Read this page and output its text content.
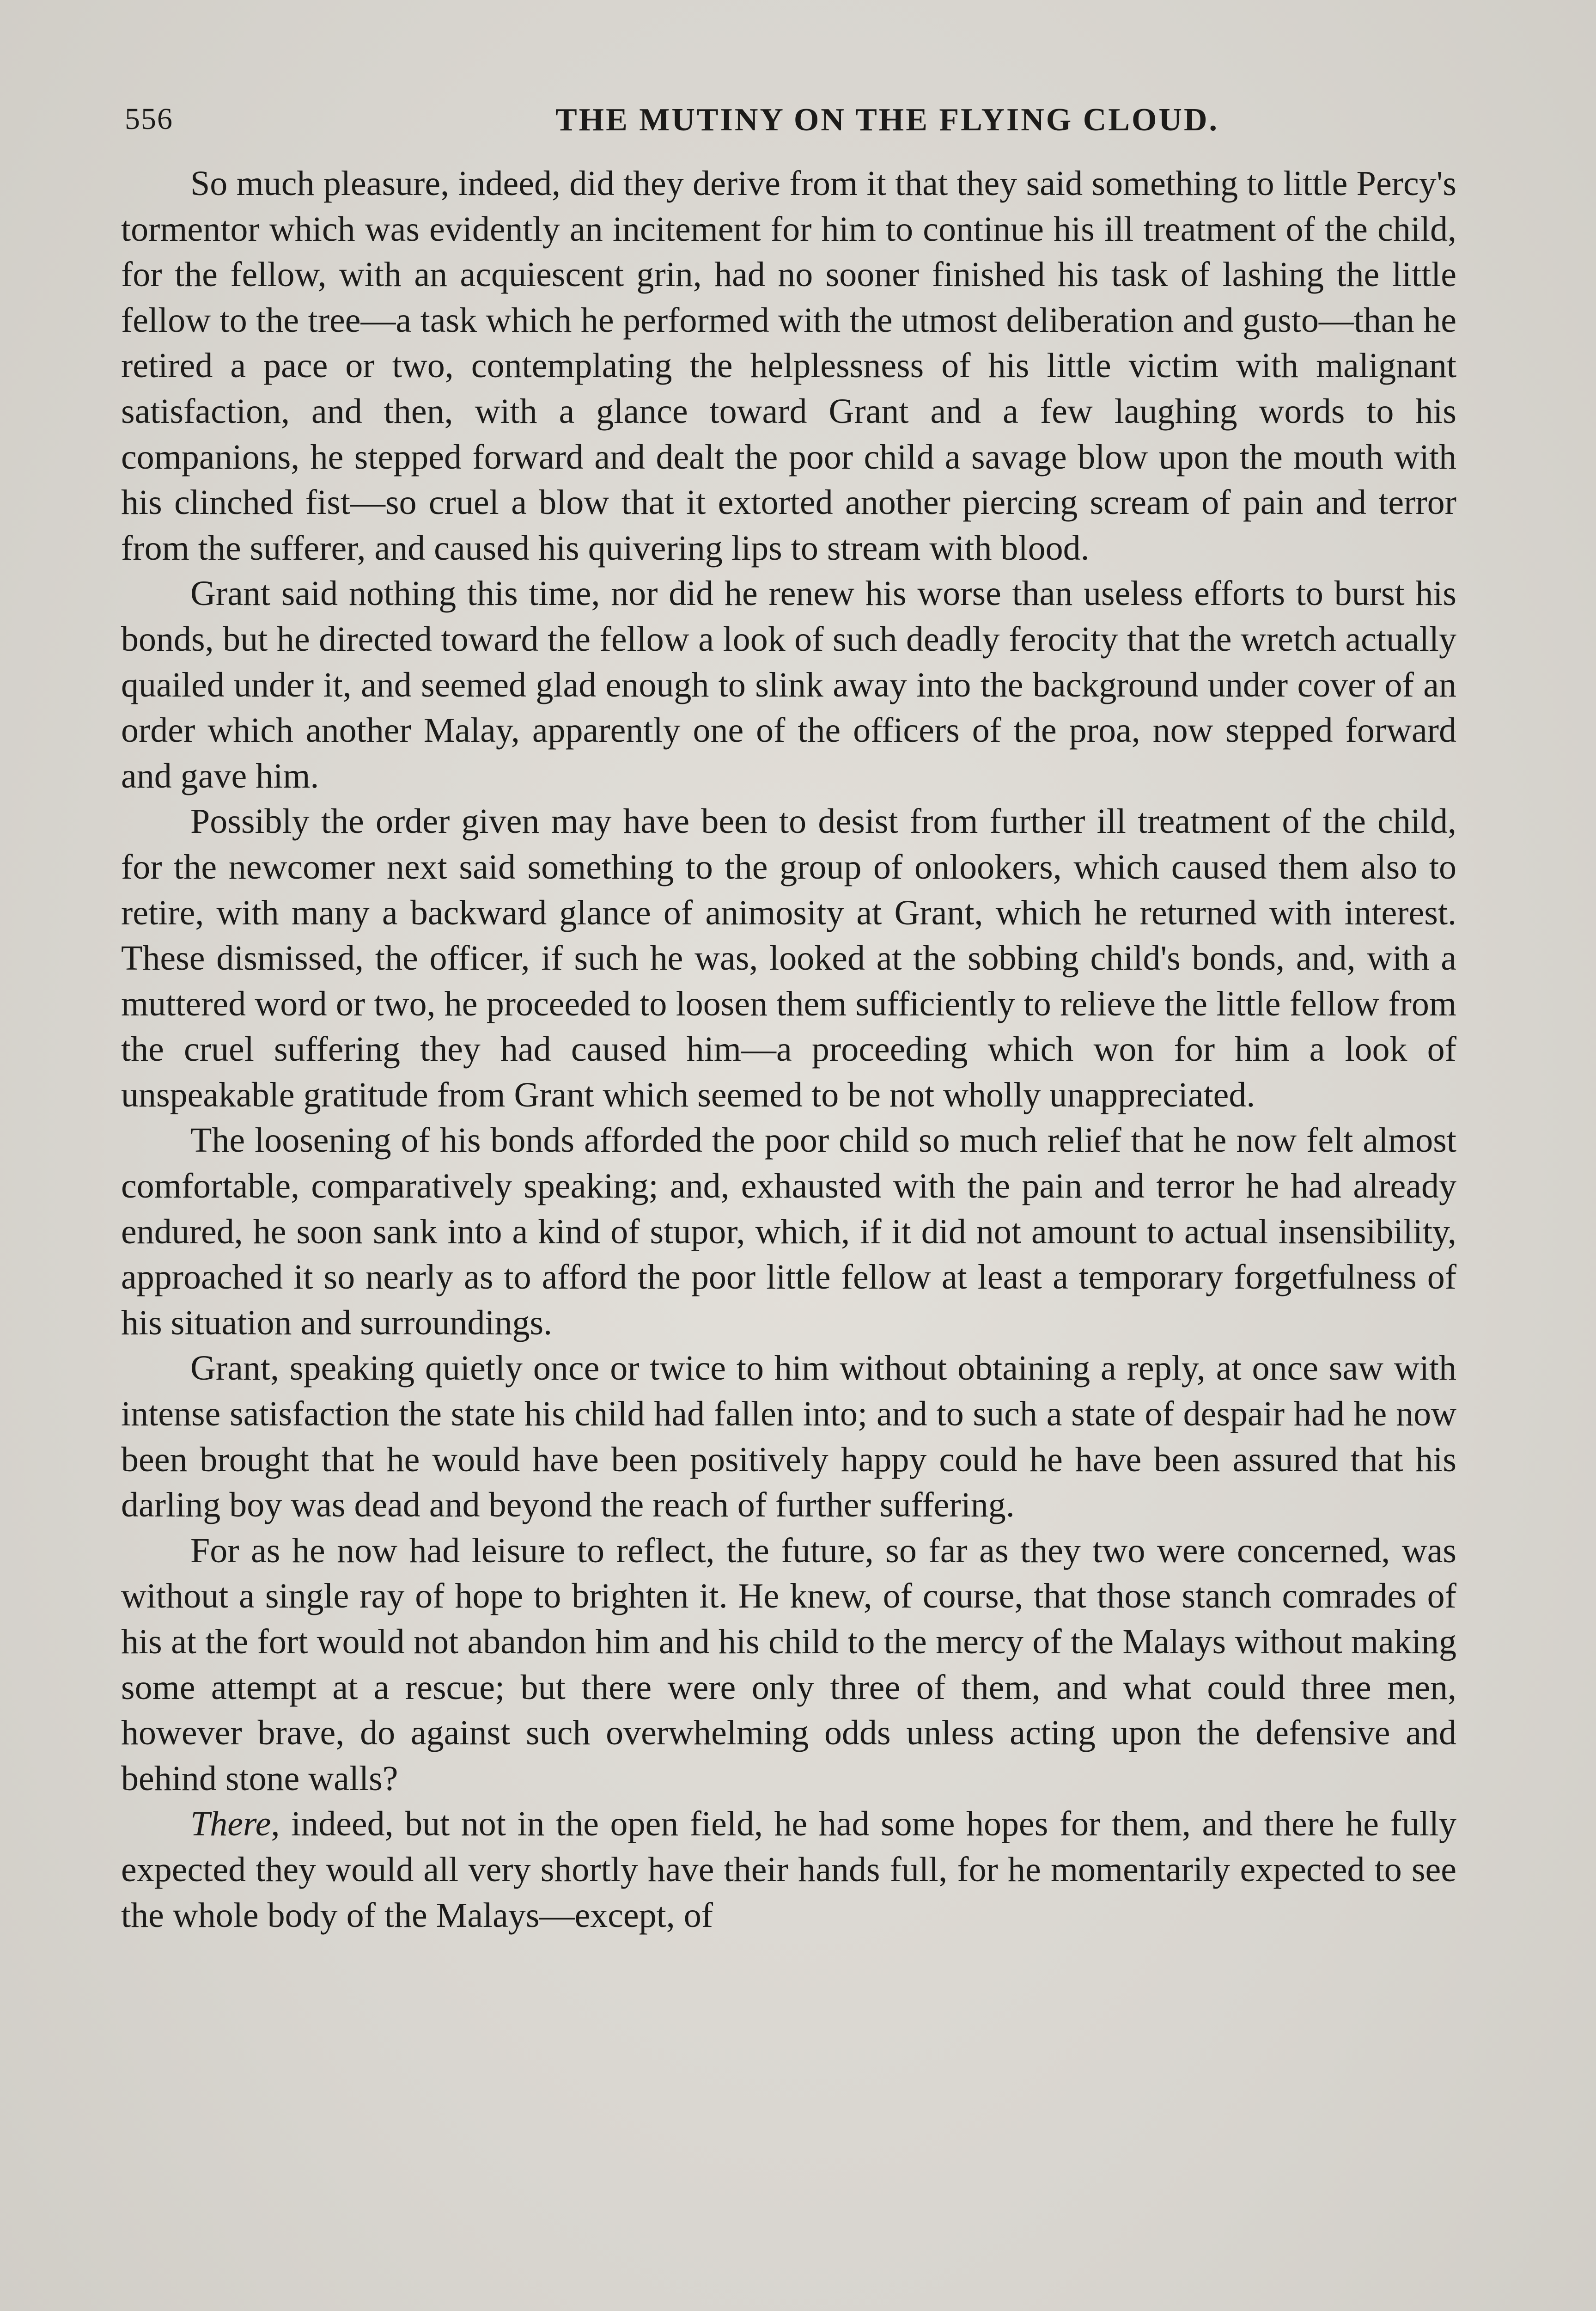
556	THE MUTINY ON THE FLYING CLOUD.

So much pleasure, indeed, did they derive from it that they said something to little Percy's tormentor which was evidently an incitement for him to continue his ill treatment of the child, for the fellow, with an acquiescent grin, had no sooner finished his task of lashing the little fellow to the tree—a task which he performed with the utmost deliberation and gusto—than he retired a pace or two, contemplating the helplessness of his little victim with malignant satisfaction, and then, with a glance toward Grant and a few laughing words to his companions, he stepped forward and dealt the poor child a savage blow upon the mouth with his clinched fist—so cruel a blow that it extorted another piercing scream of pain and terror from the sufferer, and caused his quivering lips to stream with blood.

Grant said nothing this time, nor did he renew his worse than useless efforts to burst his bonds, but he directed toward the fellow a look of such deadly ferocity that the wretch actually quailed under it, and seemed glad enough to slink away into the background under cover of an order which another Malay, apparently one of the officers of the proa, now stepped forward and gave him.

Possibly the order given may have been to desist from further ill treatment of the child, for the newcomer next said something to the group of onlookers, which caused them also to retire, with many a backward glance of animosity at Grant, which he returned with interest. These dismissed, the officer, if such he was, looked at the sobbing child's bonds, and, with a muttered word or two, he proceeded to loosen them sufficiently to relieve the little fellow from the cruel suffering they had caused him—a proceeding which won for him a look of unspeakable gratitude from Grant which seemed to be not wholly unappreciated.

The loosening of his bonds afforded the poor child so much relief that he now felt almost comfortable, comparatively speaking; and, exhausted with the pain and terror he had already endured, he soon sank into a kind of stupor, which, if it did not amount to actual insensibility, approached it so nearly as to afford the poor little fellow at least a temporary forgetfulness of his situation and surroundings.

Grant, speaking quietly once or twice to him without obtaining a reply, at once saw with intense satisfaction the state his child had fallen into; and to such a state of despair had he now been brought that he would have been positively happy could he have been assured that his darling boy was dead and beyond the reach of further suffering.

For as he now had leisure to reflect, the future, so far as they two were concerned, was without a single ray of hope to brighten it. He knew, of course, that those stanch comrades of his at the fort would not abandon him and his child to the mercy of the Malays without making some attempt at a rescue; but there were only three of them, and what could three men, however brave, do against such overwhelming odds unless acting upon the defensive and behind stone walls?

There, indeed, but not in the open field, he had some hopes for them, and there he fully expected they would all very shortly have their hands full, for he momentarily expected to see the whole body of the Malays—except, of
